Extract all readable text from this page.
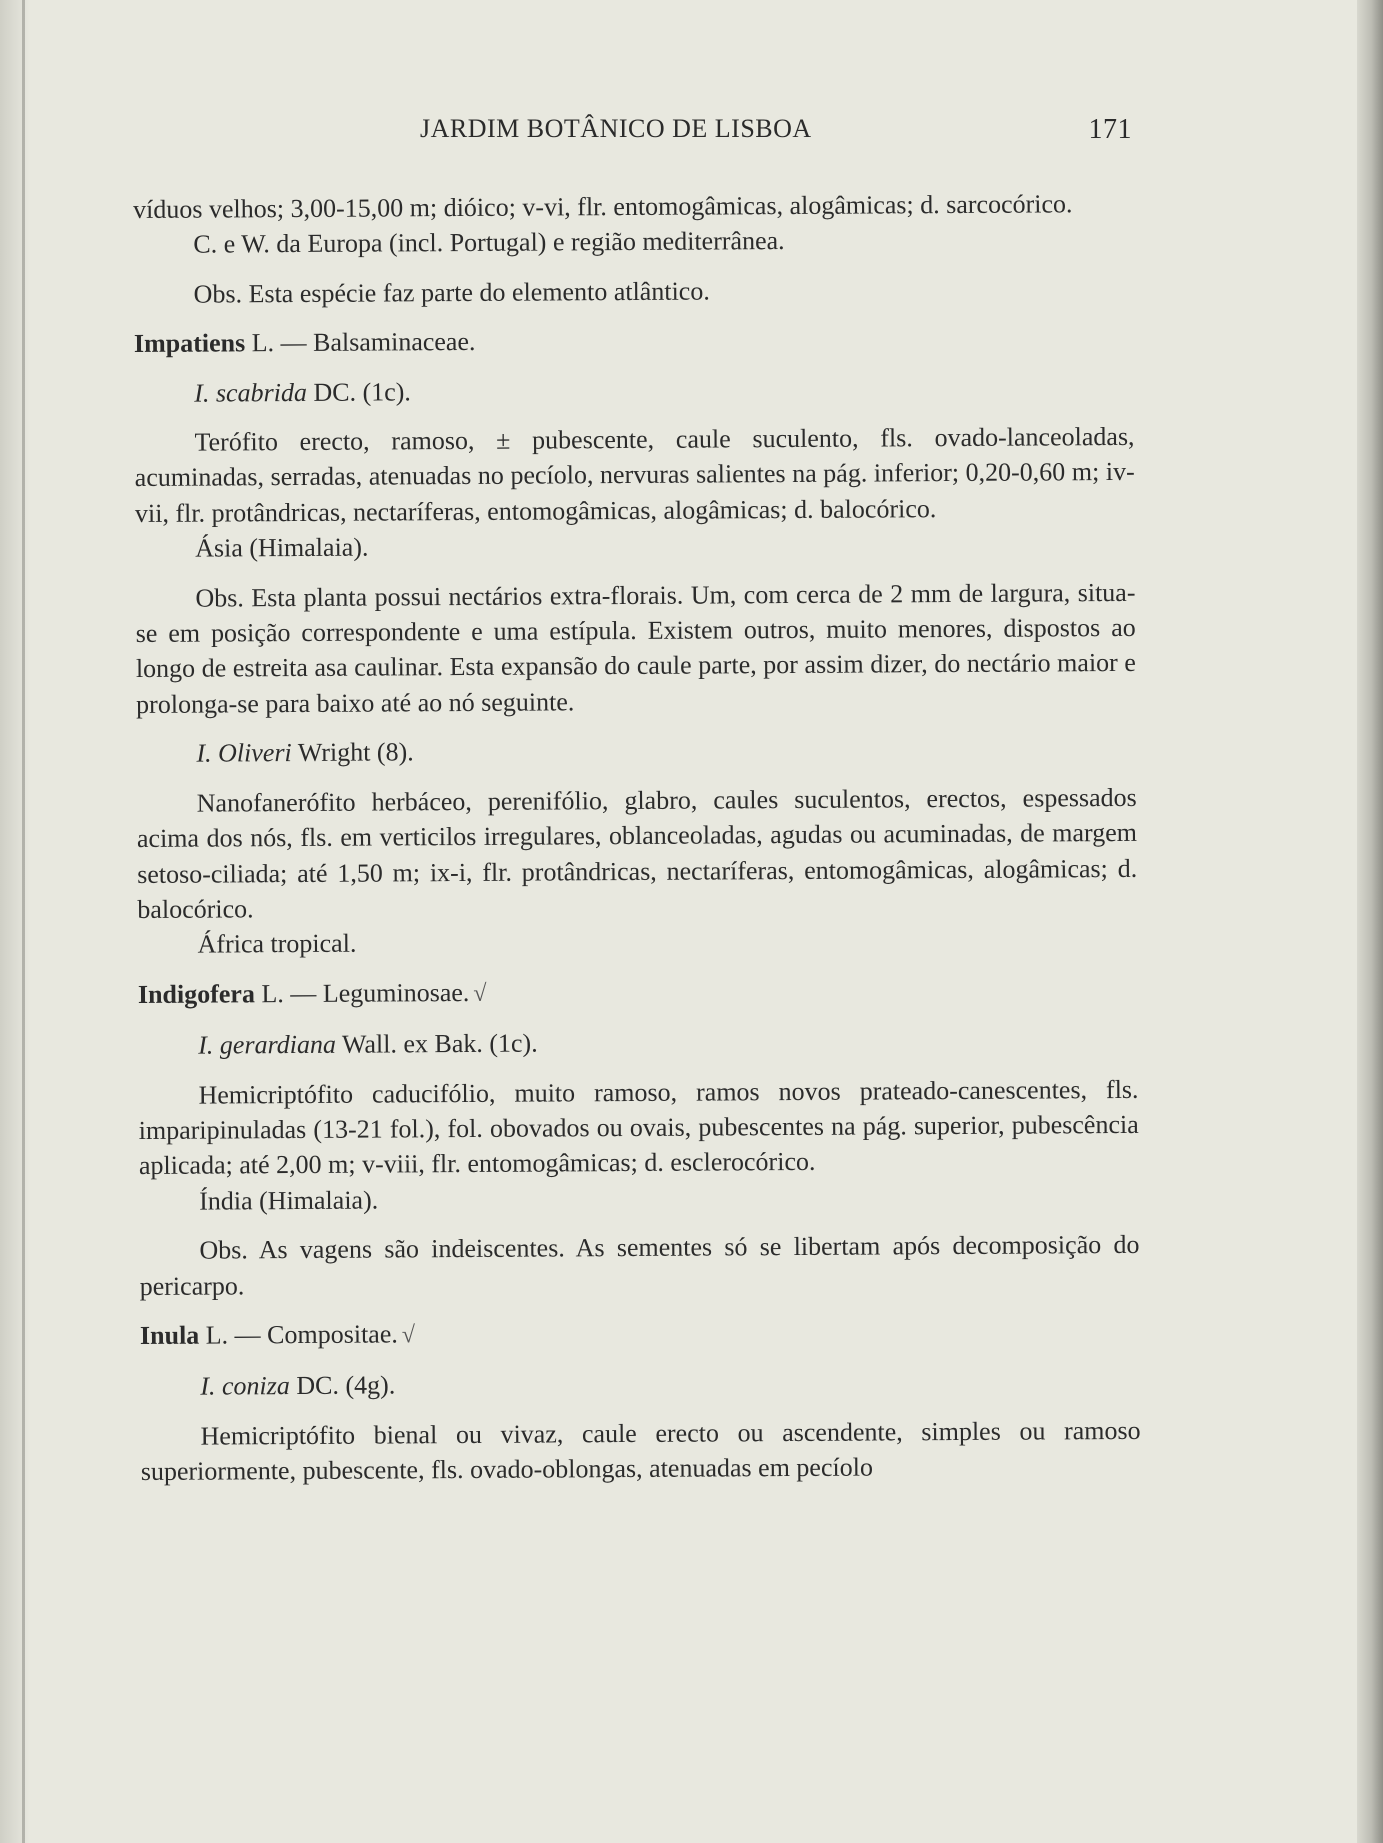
JARDIM BOTÂNICO DE LISBOA	171

víduos velhos; 3,00-15,00 m; dióico; v-vi, flr. entomogâmicas, alogâmicas; d. sarcocórico.

C. e W. da Europa (incl. Portugal) e região mediterrânea.

Obs. Esta espécie faz parte do elemento atlântico.

Impatiens L. — Balsaminaceae.

I. scabrida DC. (1c).

Terófito erecto, ramoso, ± pubescente, caule suculento, fls. ovado-lanceoladas, acuminadas, serradas, atenuadas no pecíolo, nervuras salientes na pág. inferior; 0,20-0,60 m; iv-vii, flr. protândricas, nectaríferas, entomogâmicas, alogâmicas; d. balocórico.

Ásia (Himalaia).

Obs. Esta planta possui nectários extra-florais. Um, com cerca de 2 mm de largura, situa-se em posição correspondente e uma estípula. Existem outros, muito menores, dispostos ao longo de estreita asa caulinar. Esta expansão do caule parte, por assim dizer, do nectário maior e prolonga-se para baixo até ao nó seguinte.

I. Oliveri Wright (8).

Nanofanerófito herbáceo, perenifólio, glabro, caules suculentos, erectos, espessados acima dos nós, fls. em verticilos irregulares, oblanceoladas, agudas ou acuminadas, de margem setoso-ciliada; até 1,50 m; ix-i, flr. protândricas, nectaríferas, entomogâmicas, alogâmicas; d. balocórico.

África tropical.

Indigofera L. — Leguminosae. √

I. gerardiana Wall. ex Bak. (1c).

Hemicriptófito caducifólio, muito ramoso, ramos novos prateado-canescentes, fls. imparipinuladas (13-21 fol.), fol. obovados ou ovais, pubescentes na pág. superior, pubescência aplicada; até 2,00 m; v-viii, flr. entomogâmicas; d. esclerocórico.

Índia (Himalaia).

Obs. As vagens são indeiscentes. As sementes só se libertam após decomposição do pericarpo.

Inula L. — Compositae. √

I. coniza DC. (4g).

Hemicriptófito bienal ou vivaz, caule erecto ou ascendente, simples ou ramoso superiormente, pubescente, fls. ovado-oblongas, atenuadas em pecíolo
